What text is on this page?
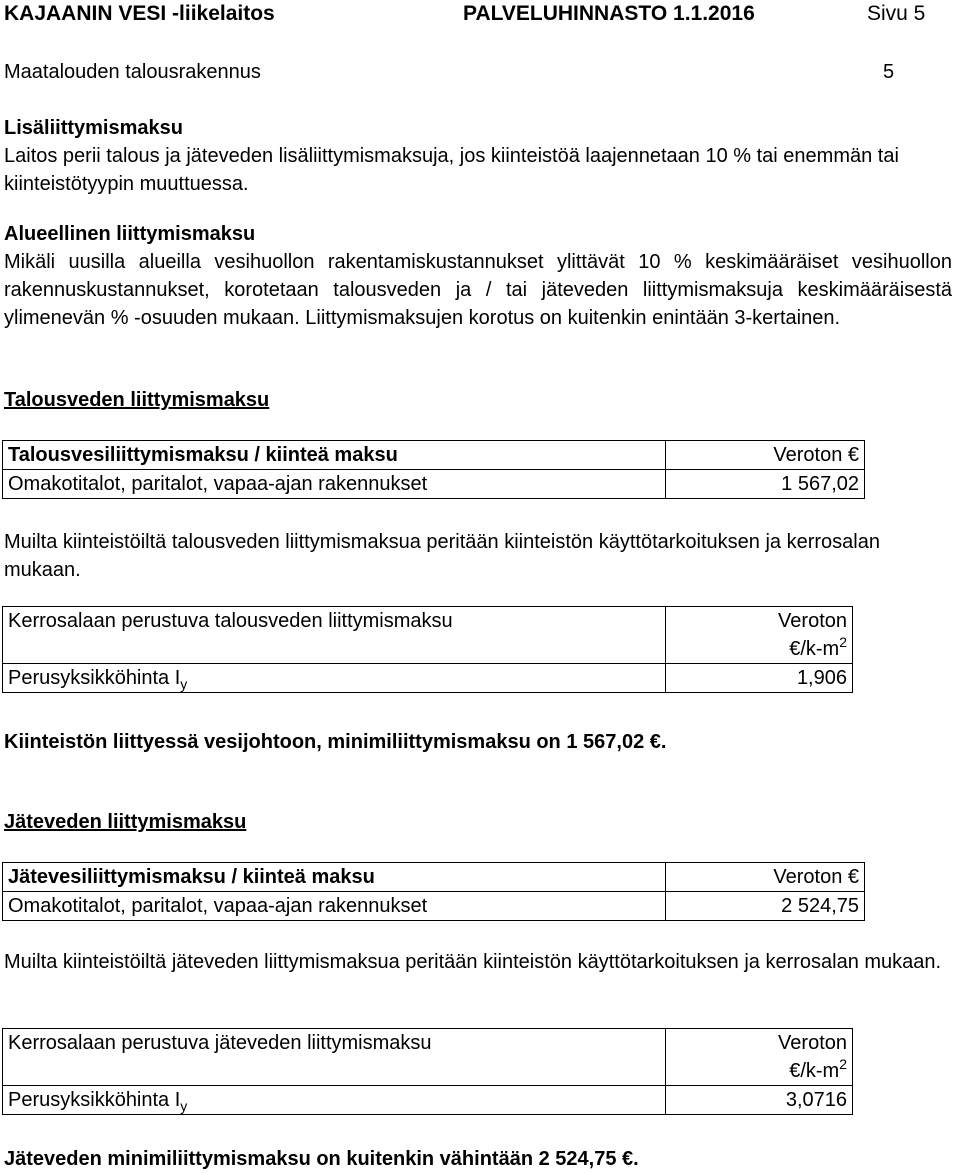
KAJAANIN VESI -liikelaitos	PALVELUHINNASTO 1.1.2016	Sivu 5
Maatalouden talousrakennus	5
Lisäliittymismaksu
Laitos perii talous ja jäteveden lisäliittymismaksuja, jos kiinteistöä laajennetaan 10 % tai enemmän tai kiinteistötyypin muuttuessa.
Alueellinen liittymismaksu
Mikäli uusilla alueilla vesihuollon rakentamiskustannukset ylittävät 10 % keskimääräiset vesihuollon rakennuskustannukset, korotetaan talousveden ja / tai jäteveden liittymismaksuja keskimääräisestä ylimenevän % -osuuden mukaan. Liittymismaksujen korotus on kuitenkin enintään 3-kertainen.
Talousveden liittymismaksu
Talousvesiliittymismaksu / kiinteä maksu	Veroton €
Omakotitalot, paritalot, vapaa-ajan rakennukset	1 567,02
Muilta kiinteistöiltä talousveden liittymismaksua peritään kiinteistön käyttötarkoituksen ja kerrosalan mukaan.
Kerrosalaan perustuva talousveden liittymismaksu	Veroton
$€/k-m^2$

Perusyksikköhinta $I_y$	1,906
Kiinteistön liittyessä vesijohtoon, minimiliittymismaksu on 1 567,02 €.
Jäteveden liittymismaksu
Jätevesiliittymismaksu / kiinteä maksu	Veroton €
Omakotitalot, paritalot, vapaa-ajan rakennukset	2 524,75
Muilta kiinteistöiltä jäteveden liittymismaksua peritään kiinteistön käyttötarkoituksen ja kerrosalan mukaan.
Kerrosalaan perustuva jäteveden liittymismaksu	Veroton
$€/k-m^2$

Perusyksikköhinta $I_y$	3,0716
Jäteveden minimiliittymismaksu on kuitenkin vähintään 2 524,75 €.
